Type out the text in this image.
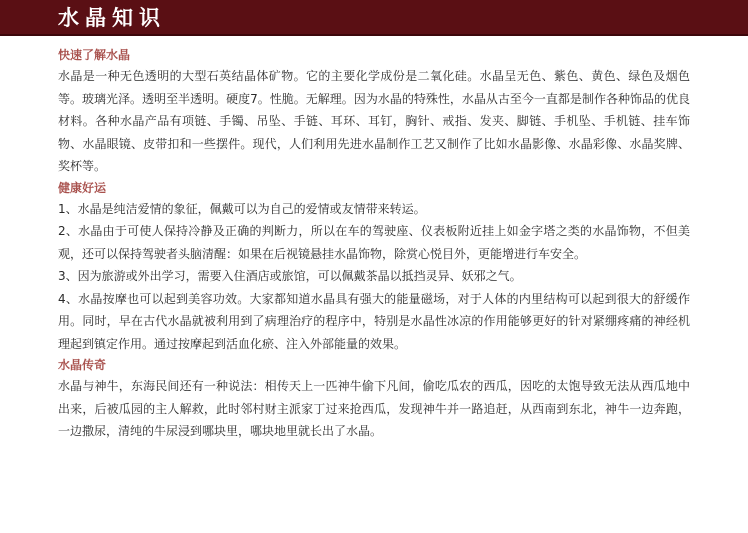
水晶知识
快速了解水晶

水晶是一种无色透明的大型石英结晶体矿物。它的主要化学成份是二氧化硅。水晶呈无色、紫色、黄色、绿色及烟色等。玻璃光泽。透明至半透明。硬度7。性脆。无解理。因为水晶的特殊性，水晶从古至今一直都是制作各种饰品的优良材料。各种水晶产品有项链、手镯、吊坠、手链、耳环、耳钉，胸针、戒指、发夹、脚链、手机坠、手机链、挂车饰物、水晶眼镜、皮带扣和一些摆件。现代，人们利用先进水晶制作工艺又制作了比如水晶影像、水晶彩像、水晶奖牌、奖杯等。

健康好运

1、水晶是纯洁爱情的象征，佩戴可以为自己的爱情或友情带来转运。

2、水晶由于可使人保持冷静及正确的判断力，所以在车的驾驶座、仪表板附近挂上如金字塔之类的水晶饰物，不但美观，还可以保持驾驶者头脑清醒：如果在后视镜悬挂水晶饰物，除赏心悦目外，更能增进行车安全。

3、因为旅游或外出学习，需要入住酒店或旅馆，可以佩戴茶晶以抵挡灵异、妖邪之气。

4、水晶按摩也可以起到美容功效。大家都知道水晶具有强大的能量磁场，对于人体的内里结构可以起到很大的舒缓作用。同时，早在古代水晶就被利用到了病理治疗的程序中，特别是水晶性冰凉的作用能够更好的针对紧绷疼痛的神经机理起到镇定作用。通过按摩起到活血化瘀、注入外部能量的效果。

水晶传奇

水晶与神牛，东海民间还有一种说法：相传天上一匹神牛偷下凡间，偷吃瓜农的西瓜，因吃的太饱导致无法从西瓜地中出来，后被瓜园的主人解救，此时邻村财主派家丁过来抢西瓜，发现神牛并一路追赶，从西南到东北，神牛一边奔跑，一边撒尿，清纯的牛尿浸到哪块里，哪块地里就长出了水晶。
